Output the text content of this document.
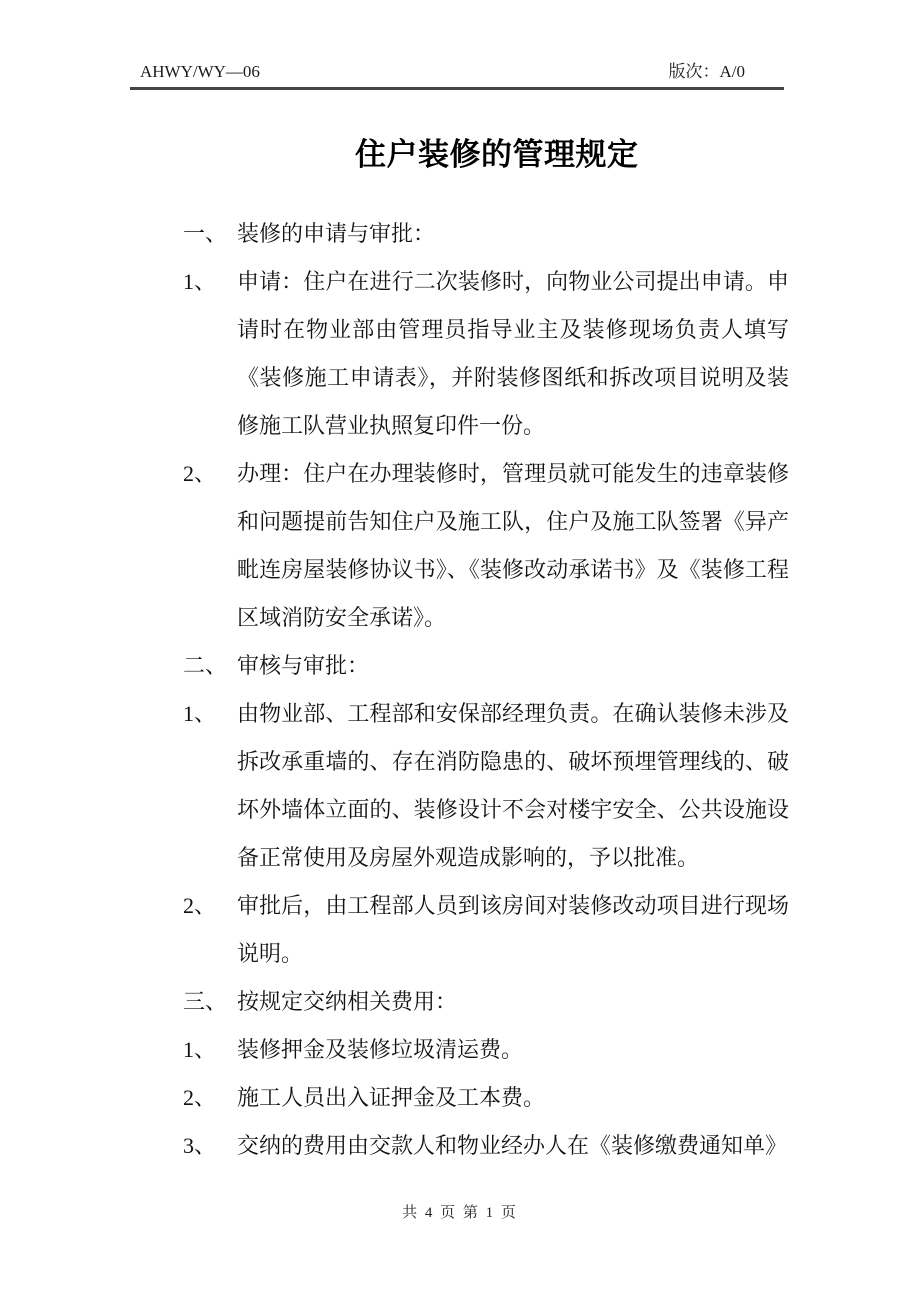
AHWY/WY—06	版次：A/0
住户装修的管理规定
一、 装修的申请与审批：
1、 申请：住户在进行二次装修时，向物业公司提出申请。申请时在物业部由管理员指导业主及装修现场负责人填写《装修施工申请表》，并附装修图纸和拆改项目说明及装修施工队营业执照复印件一份。
2、 办理：住户在办理装修时，管理员就可能发生的违章装修和问题提前告知住户及施工队，住户及施工队签署《异产毗连房屋装修协议书》、《装修改动承诺书》及《装修工程区域消防安全承诺》。
二、 审核与审批：
1、 由物业部、工程部和安保部经理负责。在确认装修未涉及拆改承重墙的、存在消防隐患的、破坏预埋管理线的、破坏外墙体立面的、装修设计不会对楼宇安全、公共设施设备正常使用及房屋外观造成影响的，予以批准。
2、 审批后，由工程部人员到该房间对装修改动项目进行现场说明。
三、 按规定交纳相关费用：
1、 装修押金及装修垃圾清运费。
2、 施工人员出入证押金及工本费。
3、 交纳的费用由交款人和物业经办人在《装修缴费通知单》
共 4 页 第 1 页
